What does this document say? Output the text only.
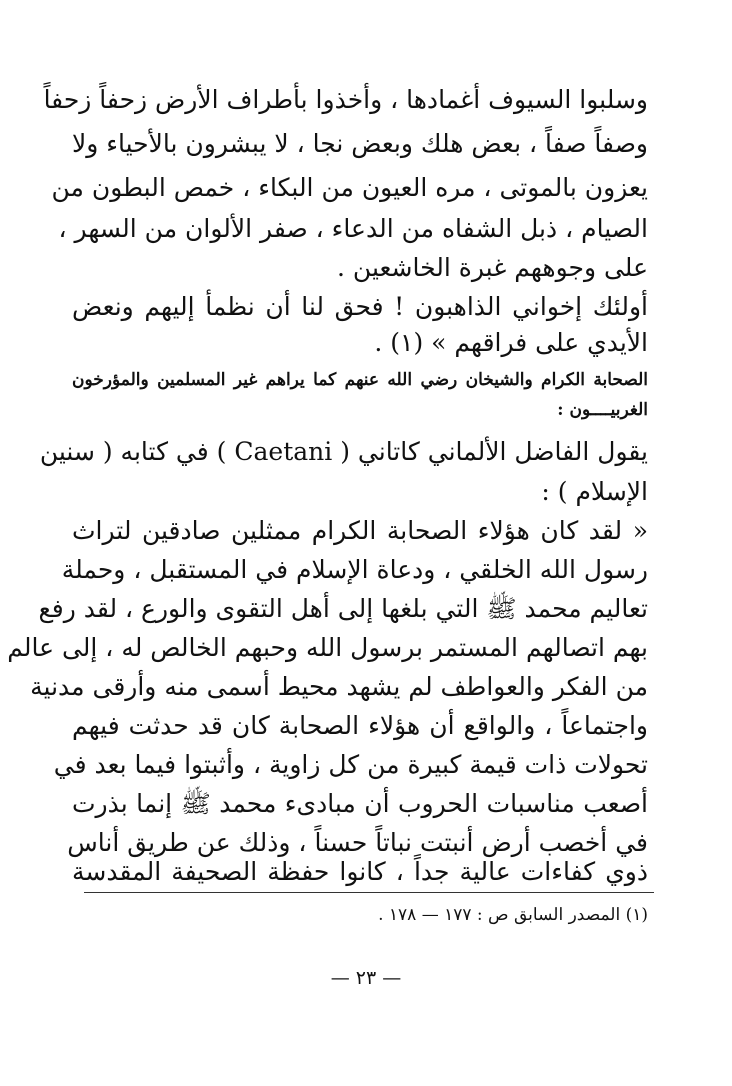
وسلبوا السيوف أغمادها ، وأخذوا بأطراف الأرض زحفاً زحفاً
وصفاً صفاً ، بعض هلك وبعض نجا ، لا يبشرون بالأحياء ولا
يعزون بالموتى ، مره العيون من البكاء ، خمص البطون من
الصيام ، ذبل الشفاه من الدعاء ، صفر الألوان من السهر ،
على وجوههم غبرة الخاشعين .
أولئك إخواني الذاهبون ! فحق لنا أن نظمأ إليهم ونعض
الأيدي على فراقهم » (١) .
الصحابة الكرام والشيخان رضي الله عنهم كما يراهم غير المسلمين والمؤرخون
الغربيــــون :
يقول الفاضل الألماني كاتاني ( Caetani ) في كتابه ( سنين
الإسلام ) :
« لقد كان هؤلاء الصحابة الكرام ممثلين صادقين لتراث
رسول الله الخلقي ، ودعاة الإسلام في المستقبل ، وحملة
تعاليم محمد ﷺ التي بلغها إلى أهل التقوى والورع ، لقد رفع
بهم اتصالهم المستمر برسول الله وحبهم الخالص له ، إلى عالم
من الفكر والعواطف لم يشهد محيط أسمى منه وأرقى مدنية
واجتماعاً ، والواقع أن هؤلاء الصحابة كان قد حدثت فيهم
تحولات ذات قيمة كبيرة من كل زاوية ، وأثبتوا فيما بعد في
أصعب مناسبات الحروب أن مبادىء محمد ﷺ إنما بذرت
في أخصب أرض أنبتت نباتاً حسناً ، وذلك عن طريق أناس
ذوي كفاءات عالية جداً ، كانوا حفظة الصحيفة المقدسة
(١) المصدر السابق ص : ١٧٧ — ١٧٨ .
— ٢٣ —
